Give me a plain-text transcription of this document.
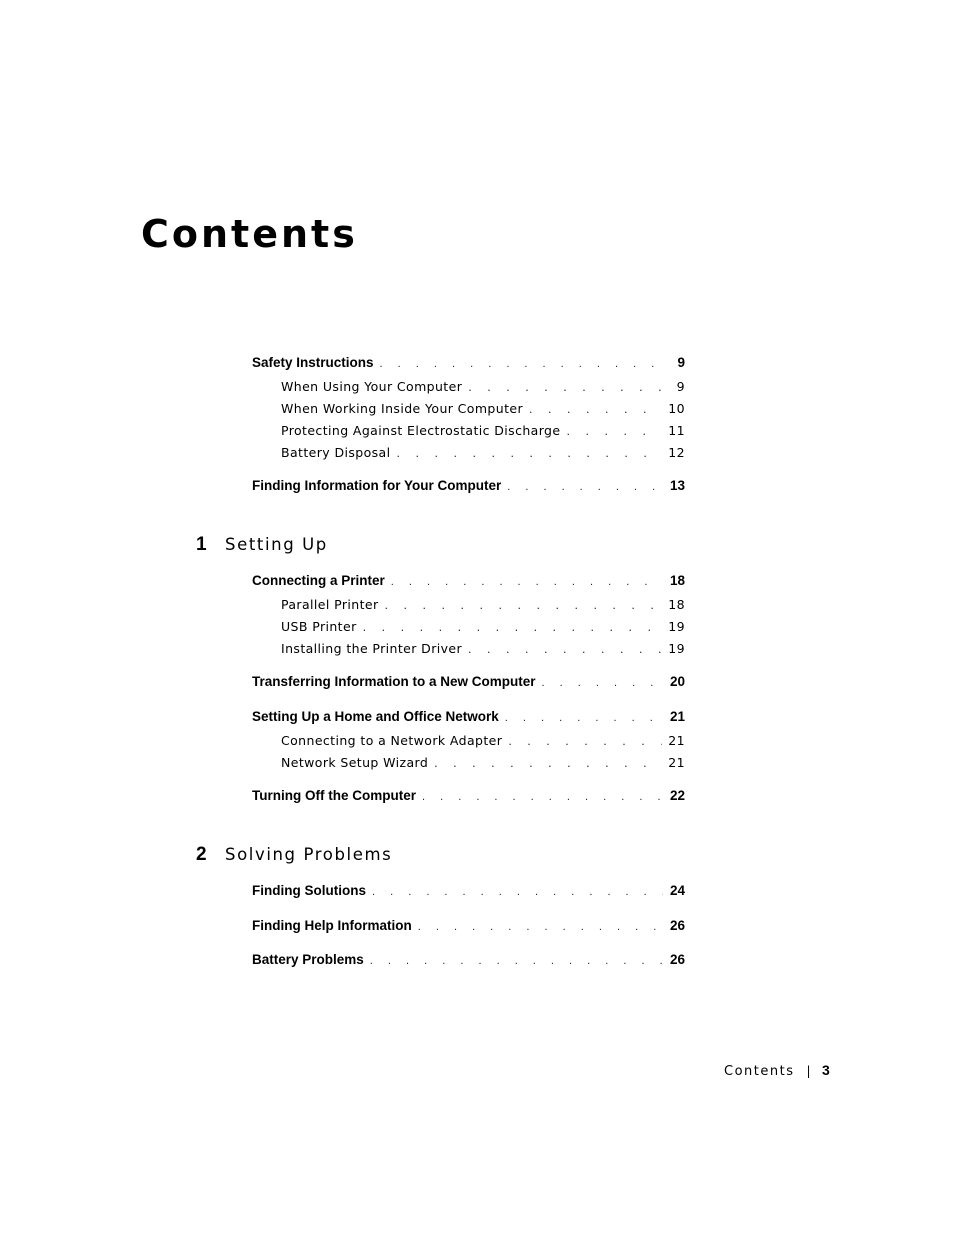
Contents
Safety Instructions . . .	9
When Using Your Computer . . .	9
When Working Inside Your Computer . . .	10
Protecting Against Electrostatic Discharge . . .	11
Battery Disposal . . .	12
Finding Information for Your Computer . . .	13
1	Setting Up
Connecting a Printer . . .	18
Parallel Printer . . .	18
USB Printer . . .	19
Installing the Printer Driver . . .	19
Transferring Information to a New Computer . . .	20
Setting Up a Home and Office Network . . .	21
Connecting to a Network Adapter . . .	21
Network Setup Wizard . . .	21
Turning Off the Computer . . .	22
2	Solving Problems
Finding Solutions . . .	24
Finding Help Information . . .	26
Battery Problems . . .	26
Contents | 3
